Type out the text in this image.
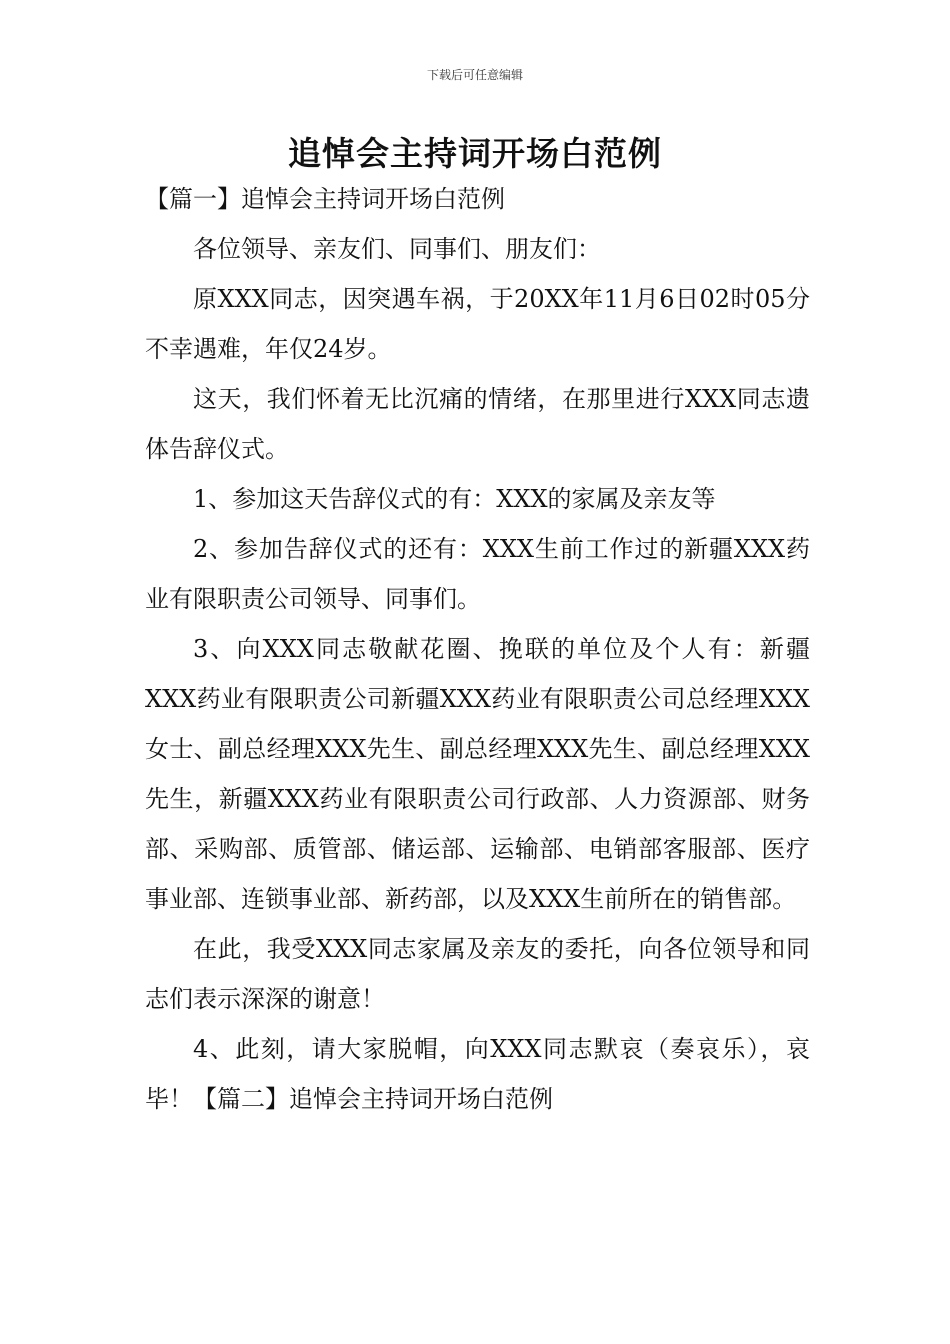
下载后可任意编辑
追悼会主持词开场白范例

【篇一】追悼会主持词开场白范例

各位领导、亲友们、同事们、朋友们：

原XXX同志，因突遇车祸，于20XX年11月6日02时05分不幸遇难，年仅24岁。

这天，我们怀着无比沉痛的情绪，在那里进行XXX同志遗体告辞仪式。

1、参加这天告辞仪式的有：XXX的家属及亲友等

2、参加告辞仪式的还有：XXX生前工作过的新疆XXX药业有限职责公司领导、同事们。

3、向XXX同志敬献花圈、挽联的单位及个人有：新疆XXX药业有限职责公司新疆XXX药业有限职责公司总经理XXX女士、副总经理XXX先生、副总经理XXX先生、副总经理XXX先生，新疆XXX药业有限职责公司行政部、人力资源部、财务部、采购部、质管部、储运部、运输部、电销部客服部、医疗事业部、连锁事业部、新药部，以及XXX生前所在的销售部。

在此，我受XXX同志家属及亲友的委托，向各位领导和同志们表示深深的谢意！

4、此刻，请大家脱帽，向XXX同志默哀（奏哀乐），哀毕！【篇二】追悼会主持词开场白范例
